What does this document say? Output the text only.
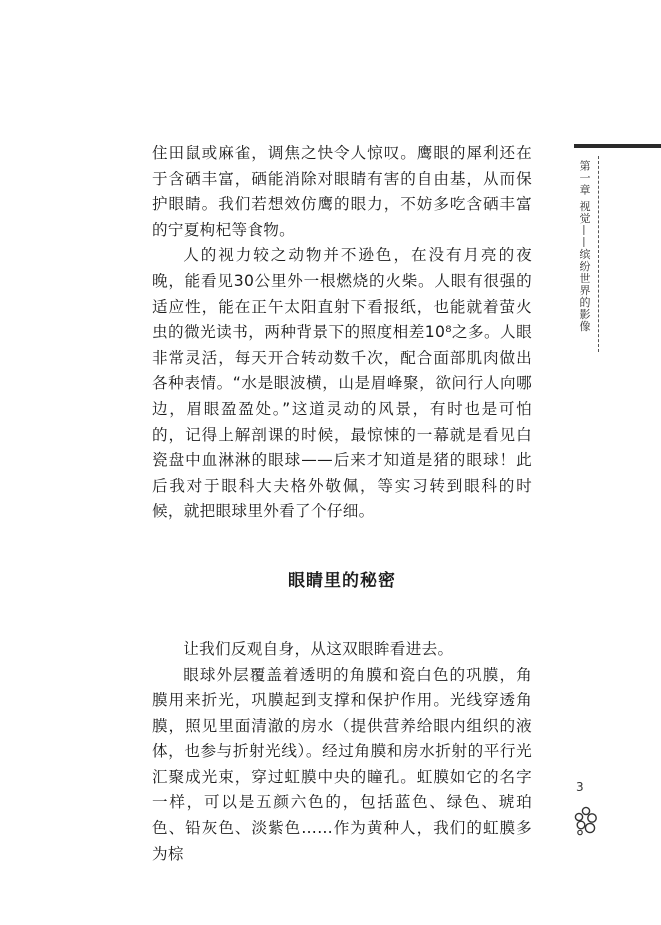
住田鼠或麻雀，调焦之快令人惊叹。鹰眼的犀利还在于含硒丰富，硒能消除对眼睛有害的自由基，从而保护眼睛。我们若想效仿鹰的眼力，不妨多吃含硒丰富的宁夏枸杞等食物。

人的视力较之动物并不逊色，在没有月亮的夜晚，能看见30公里外一根燃烧的火柴。人眼有很强的适应性，能在正午太阳直射下看报纸，也能就着萤火虫的微光读书，两种背景下的照度相差10⁸之多。人眼非常灵活，每天开合转动数千次，配合面部肌肉做出各种表情。“水是眼波横，山是眉峰聚，欲问行人向哪边，眉眼盈盈处。”这道灵动的风景，有时也是可怕的，记得上解剖课的时候，最惊悚的一幕就是看见白瓷盘中血淋淋的眼球——后来才知道是猪的眼球！此后我对于眼科大夫格外敬佩，等实习转到眼科的时候，就把眼球里外看了个仔细。

眼睛里的秘密

让我们反观自身，从这双眼眸看进去。

眼球外层覆盖着透明的角膜和瓷白色的巩膜，角膜用来折光，巩膜起到支撑和保护作用。光线穿透角膜，照见里面清澈的房水（提供营养给眼内组织的液体，也参与折射光线）。经过角膜和房水折射的平行光汇聚成光束，穿过虹膜中央的瞳孔。虹膜如它的名字一样，可以是五颜六色的，包括蓝色、绿色、琥珀色、铅灰色、淡紫色……作为黄种人，我们的虹膜多为棕

第一章 视觉——缤纷世界的影像
3
